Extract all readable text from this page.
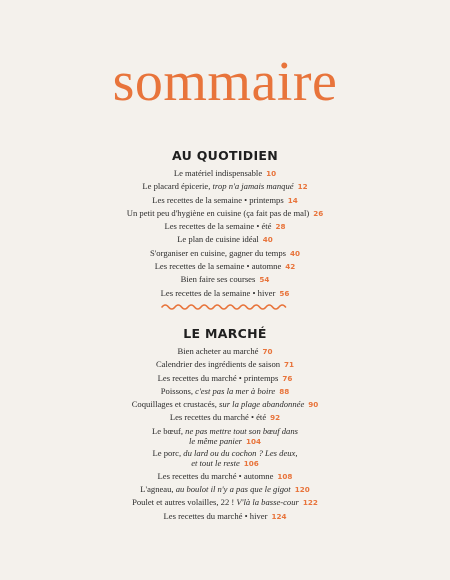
sommaire
AU QUOTIDIEN
Le matériel indispensable 10
Le placard épicerie, trop n'a jamais manqué 12
Les recettes de la semaine • printemps 14
Un petit peu d'hygiène en cuisine (ça fait pas de mal) 26
Les recettes de la semaine • été 28
Le plan de cuisine idéal 40
S'organiser en cuisine, gagner du temps 40
Les recettes de la semaine • automne 42
Bien faire ses courses 54
Les recettes de la semaine • hiver 56
LE MARCHÉ
Bien acheter au marché 70
Calendrier des ingrédients de saison 71
Les recettes du marché • printemps 76
Poissons, c'est pas la mer à boire 88
Coquillages et crustacés, sur la plage abandonnée 90
Les recettes du marché • été 92
Le bœuf, ne pas mettre tout son bœuf dans
le même panier 104
Le porc, du lard ou du cochon ? Les deux,
et tout le reste 106
Les recettes du marché • automne 108
L'agneau, au boulot il n'y a pas que le gigot 120
Poulet et autres volailles, 22 ! V'là la basse-cour 122
Les recettes du marché • hiver 124
